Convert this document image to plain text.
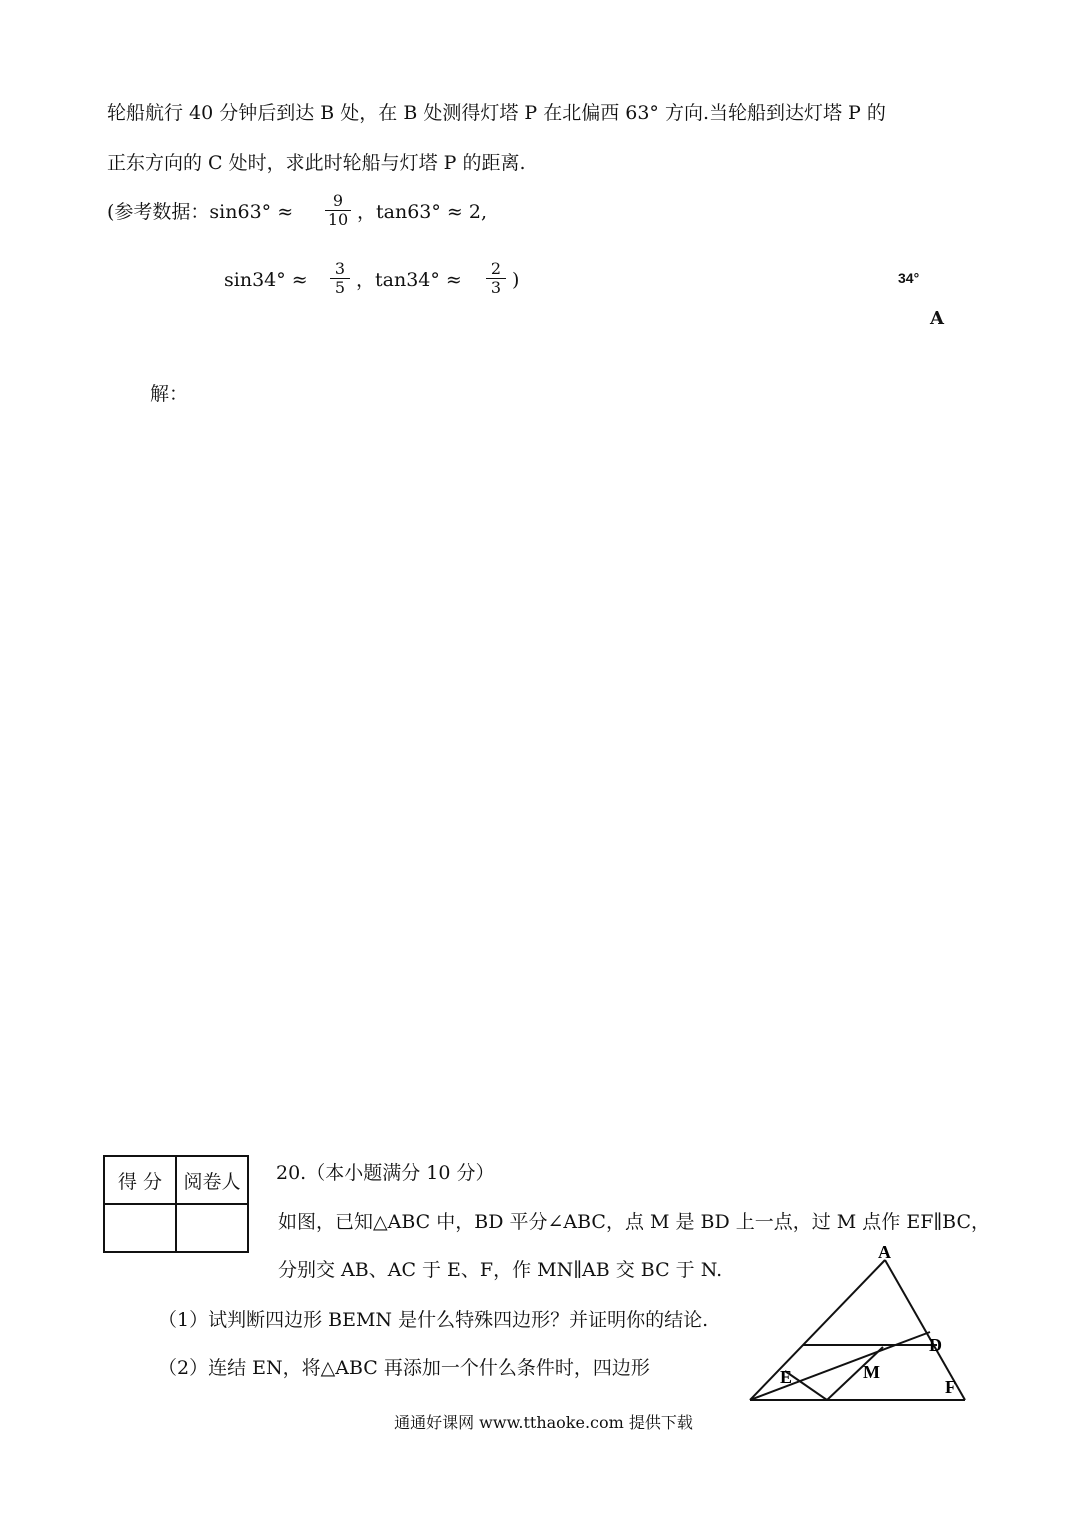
轮船航行 40 分钟后到达 B 处，在 B 处测得灯塔 P 在北偏西 63° 方向.当轮船到达灯塔 P 的
正东方向的 C 处时，求此时轮船与灯塔 P 的距离.
(参考数据：$\sin 63^\circ \approx \frac{9}{10}$ ，tan63° ≈ 2,
$\sin 34^\circ \approx \frac{3}{5}$ ，$\tan 34^\circ \approx \frac{2}{3}$ )	34°
A
解：
得 分	阅卷人
	20.（本小题满分 10 分）
如图，已知△ABC 中，BD 平分∠ABC，点 M 是 BD 上一点，过 M 点作 EF∥BC，
分别交 AB、AC 于 E、F，作 MN∥AB 交 BC 于 N.
（1）试判断四边形 BEMN 是什么特殊四边形？并证明你的结论.
（2）连结 EN，将△ABC 再添加一个什么条件时，四边形
A
D
E	M
F
通通好课网 www.tthaoke.com 提供下载
